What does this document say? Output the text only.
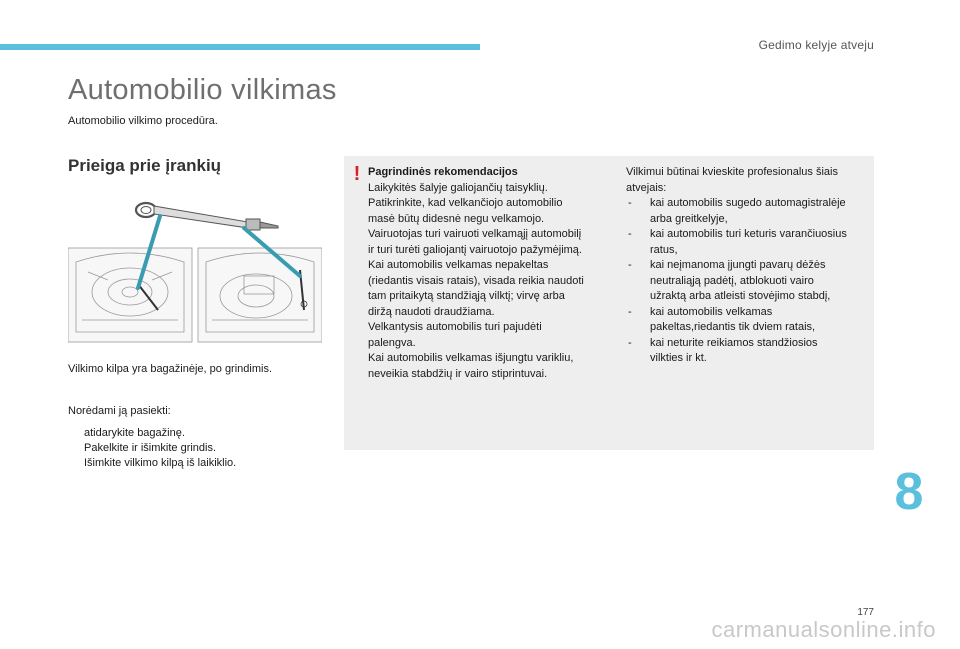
Gedimo kelyje atveju
Automobilio vilkimas
Automobilio vilkimo procedūra.
Prieiga prie įrankių
Vilkimo kilpa yra bagažinėje, po grindimis.
Norėdami ją pasiekti:
atidarykite bagažinę.
Pakelkite ir išimkite grindis.
Išimkite vilkimo kilpą iš laikiklio.
! Pagrindinės rekomendacijos
Laikykitės šalyje galiojančių taisyklių.
Patikrinkite, kad velkančiojo automobilio
masė būtų didesnė negu velkamojo.
Vairuotojas turi vairuoti velkamąjį automobilį
ir turi turėti galiojantį vairuotojo pažymėjimą.
Kai automobilis velkamas nepakeltas
(riedantis visais ratais), visada reikia naudoti
tam pritaikytą standžiąją vilktį; virvę arba
diržą naudoti draudžiama.
Velkantysis automobilis turi pajudėti
palengva.
Kai automobilis velkamas išjungtu varikliu,
neveikia stabdžių ir vairo stiprintuvai.
Vilkimui būtinai kvieskite profesionalus šiais
atvejais:
- kai automobilis sugedo automagistralėje
arba greitkelyje,
- kai automobilis turi keturis varančiuosius
ratus,
- kai neįmanoma įjungti pavarų dėžės
neutraliąją padėtį, atblokuoti vairo
užraktą arba atleisti stovėjimo stabdį,
- kai automobilis velkamas
pakeltas,riedantis tik dviem ratais,
- kai neturite reikiamos standžiosios
vilkties ir kt.
8
177
carmanualsonline.info
